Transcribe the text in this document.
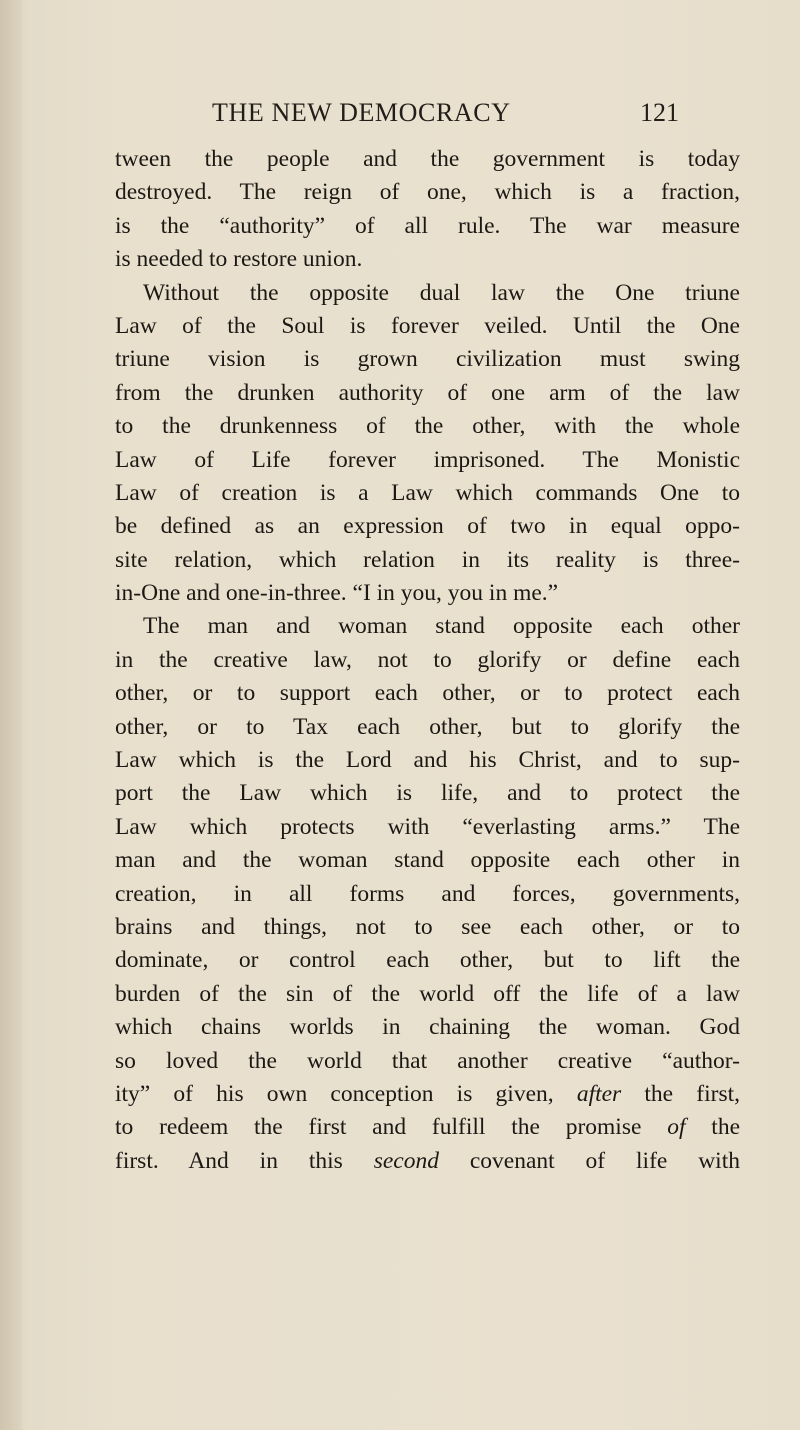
THE NEW DEMOCRACY	121
tween the people and the government is today
destroyed. The reign of one, which is a fraction,
is the “authority” of all rule. The war measure
is needed to restore union.
Without the opposite dual law the One triune
Law of the Soul is forever veiled. Until the One
triune vision is grown civilization must swing
from the drunken authority of one arm of the law
to the drunkenness of the other, with the whole
Law of Life forever imprisoned. The Monistic
Law of creation is a Law which commands One to
be defined as an expression of two in equal oppo-
site relation, which relation in its reality is three-
in-One and one-in-three. “I in you, you in me.”
The man and woman stand opposite each other
in the creative law, not to glorify or define each
other, or to support each other, or to protect each
other, or to Tax each other, but to glorify the
Law which is the Lord and his Christ, and to sup-
port the Law which is life, and to protect the
Law which protects with “everlasting arms.” The
man and the woman stand opposite each other in
creation, in all forms and forces, governments,
brains and things, not to see each other, or to
dominate, or control each other, but to lift the
burden of the sin of the world off the life of a law
which chains worlds in chaining the woman. God
so loved the world that another creative “author-
ity” of his own conception is given, after the first,
to redeem the first and fulfill the promise of the
first. And in this second covenant of life with
